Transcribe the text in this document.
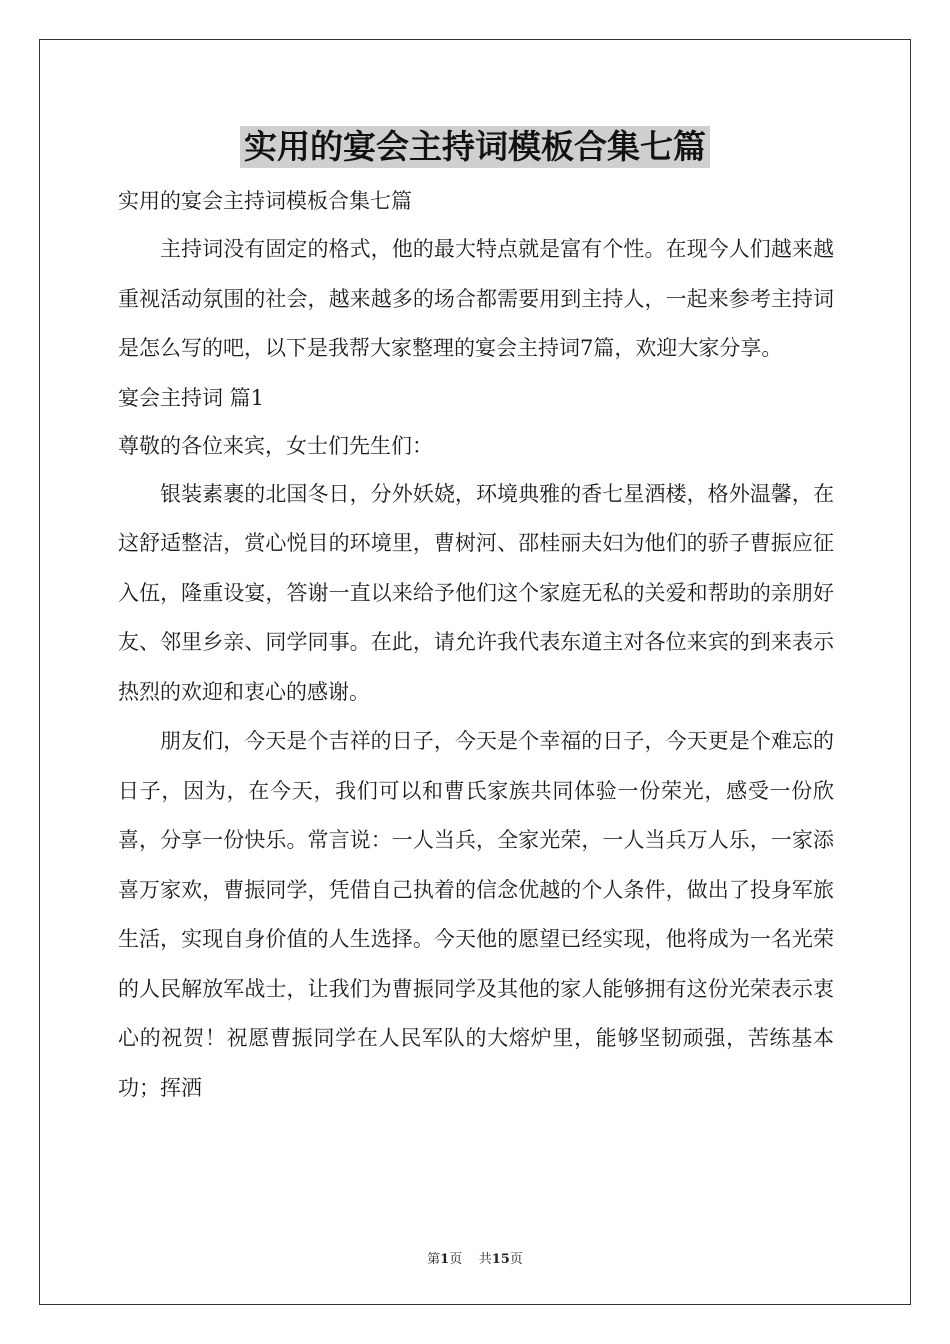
实用的宴会主持词模板合集七篇

实用的宴会主持词模板合集七篇

主持词没有固定的格式，他的最大特点就是富有个性。在现今人们越来越重视活动氛围的社会，越来越多的场合都需要用到主持人，一起来参考主持词是怎么写的吧，以下是我帮大家整理的宴会主持词7篇，欢迎大家分享。

宴会主持词 篇1

尊敬的各位来宾，女士们先生们：

银装素裹的北国冬日，分外妖娆，环境典雅的香七星酒楼，格外温馨，在这舒适整洁，赏心悦目的环境里，曹树河、邵桂丽夫妇为他们的骄子曹振应征入伍，隆重设宴，答谢一直以来给予他们这个家庭无私的关爱和帮助的亲朋好友、邻里乡亲、同学同事。在此，请允许我代表东道主对各位来宾的到来表示热烈的欢迎和衷心的感谢。

朋友们，今天是个吉祥的日子，今天是个幸福的日子，今天更是个难忘的日子，因为，在今天，我们可以和曹氏家族共同体验一份荣光，感受一份欣喜，分享一份快乐。常言说：一人当兵，全家光荣，一人当兵万人乐，一家添喜万家欢，曹振同学，凭借自己执着的信念优越的个人条件，做出了投身军旅生活，实现自身价值的人生选择。今天他的愿望已经实现，他将成为一名光荣的人民解放军战士，让我们为曹振同学及其他的家人能够拥有这份光荣表示衷心的祝贺！祝愿曹振同学在人民军队的大熔炉里，能够坚韧顽强，苦练基本功；挥洒

第1页 共15页
